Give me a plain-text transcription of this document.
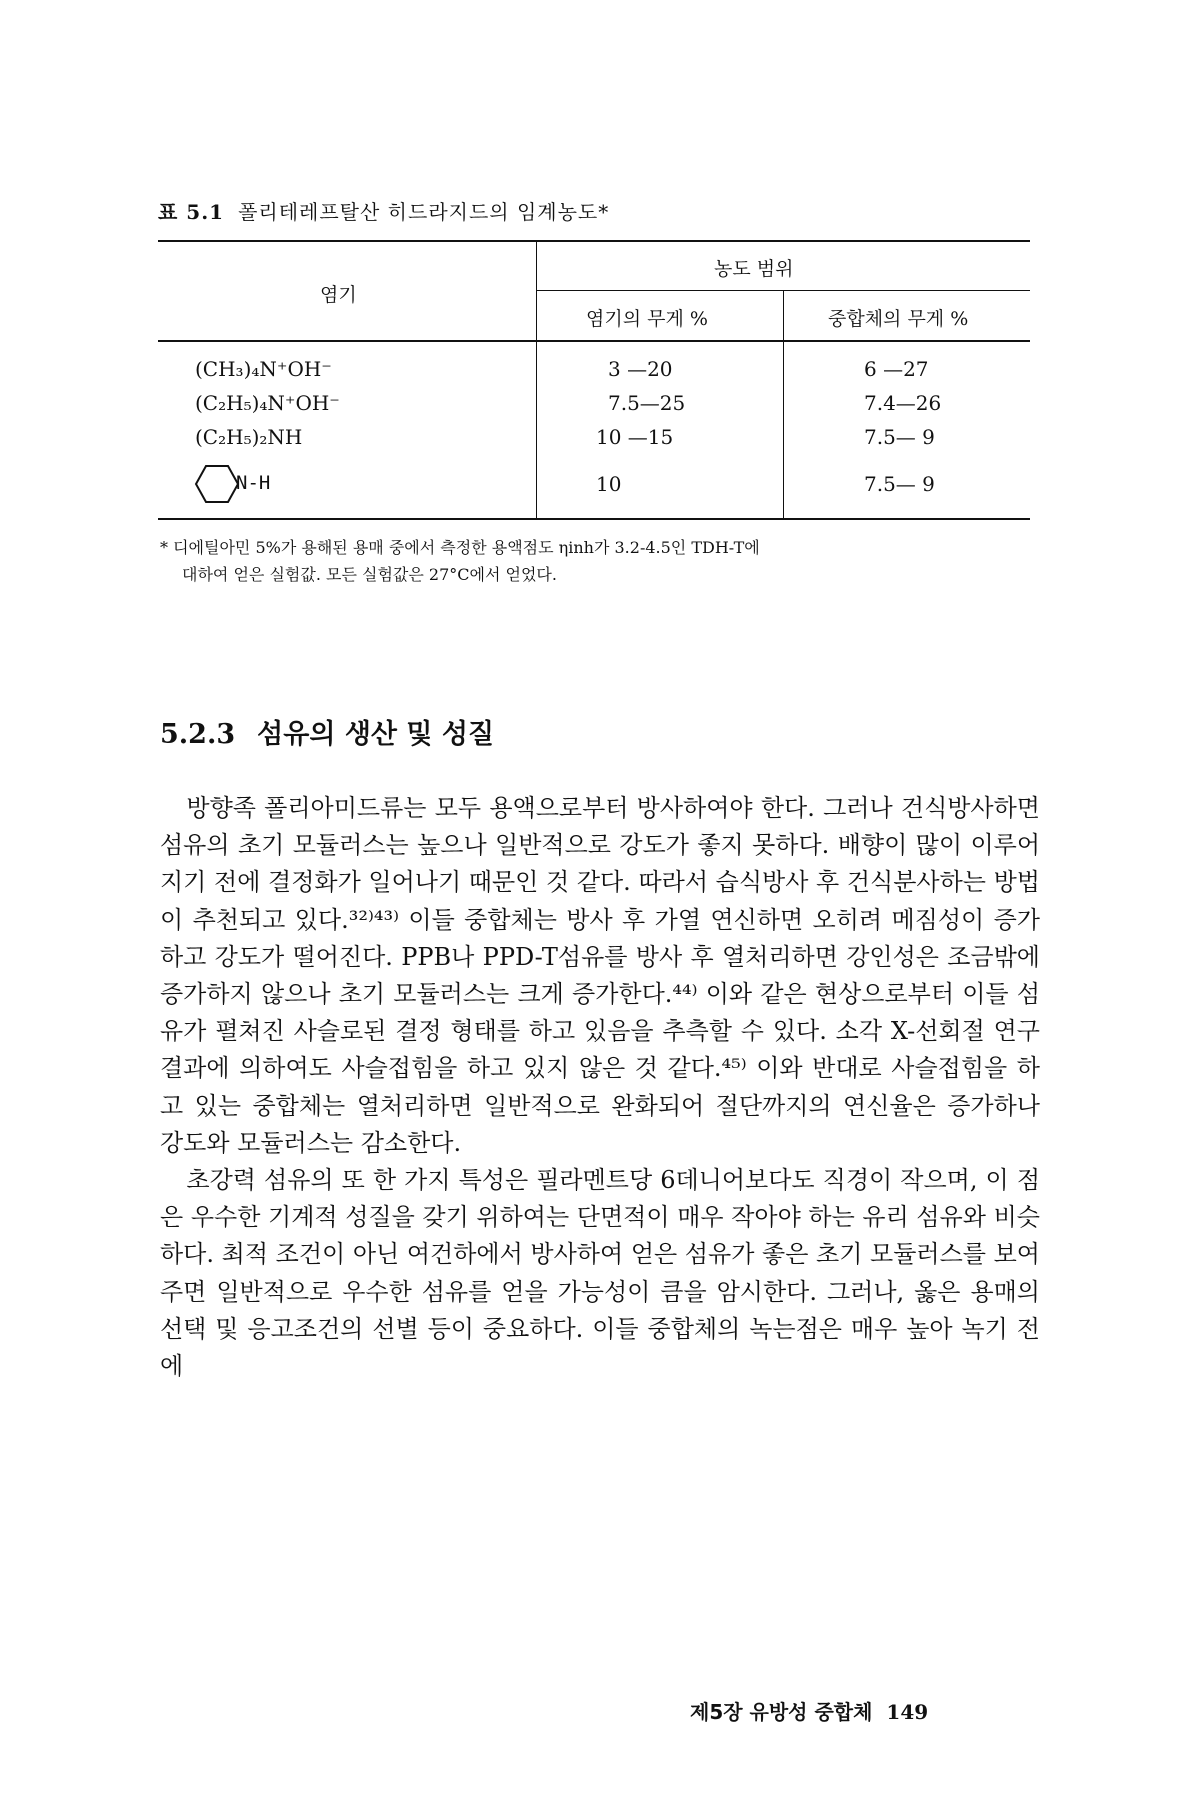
표 5.1 폴리테레프탈산 히드라지드의 임계농도*
염기
농도 범위
염기의 무게 %	중합체의 무게 %
(CH₃)₄N⁺OH⁻	3 —20	6 —27
(C₂H₅)₄N⁺OH⁻	7.5—25	7.4—26
(C₂H₅)₂NH	10 —15	7.5— 9
N-H	10	7.5— 9
* 디에틸아민 5%가 용해된 용매 중에서 측정한 용액점도 ηinh가 3.2-4.5인 TDH-T에
대하여 얻은 실험값. 모든 실험값은 27°C에서 얻었다.
5.2.3 섬유의 생산 및 성질

방향족 폴리아미드류는 모두 용액으로부터 방사하여야 한다. 그러나 건식방사하면 섬유의 초기 모듈러스는 높으나 일반적으로 강도가 좋지 못하다. 배향이 많이 이루어지기 전에 결정화가 일어나기 때문인 것 같다. 따라서 습식방사 후 건식분사하는 방법이 추천되고 있다.³²⁾⁴³⁾ 이들 중합체는 방사 후 가열 연신하면 오히려 메짐성이 증가하고 강도가 떨어진다. PPB나 PPD-T섬유를 방사 후 열처리하면 강인성은 조금밖에 증가하지 않으나 초기 모듈러스는 크게 증가한다.⁴⁴⁾ 이와 같은 현상으로부터 이들 섬유가 펼쳐진 사슬로된 결정 형태를 하고 있음을 추측할 수 있다. 소각 X-선회절 연구 결과에 의하여도 사슬접힘을 하고 있지 않은 것 같다.⁴⁵⁾ 이와 반대로 사슬접힘을 하고 있는 중합체는 열처리하면 일반적으로 완화되어 절단까지의 연신율은 증가하나 강도와 모듈러스는 감소한다.

초강력 섬유의 또 한 가지 특성은 필라멘트당 6데니어보다도 직경이 작으며, 이 점은 우수한 기계적 성질을 갖기 위하여는 단면적이 매우 작아야 하는 유리 섬유와 비슷하다. 최적 조건이 아닌 여건하에서 방사하여 얻은 섬유가 좋은 초기 모듈러스를 보여주면 일반적으로 우수한 섬유를 얻을 가능성이 큼을 암시한다. 그러나, 옳은 용매의 선택 및 응고조건의 선별 등이 중요하다. 이들 중합체의 녹는점은 매우 높아 녹기 전에

제5장 유방성 중합체 149
